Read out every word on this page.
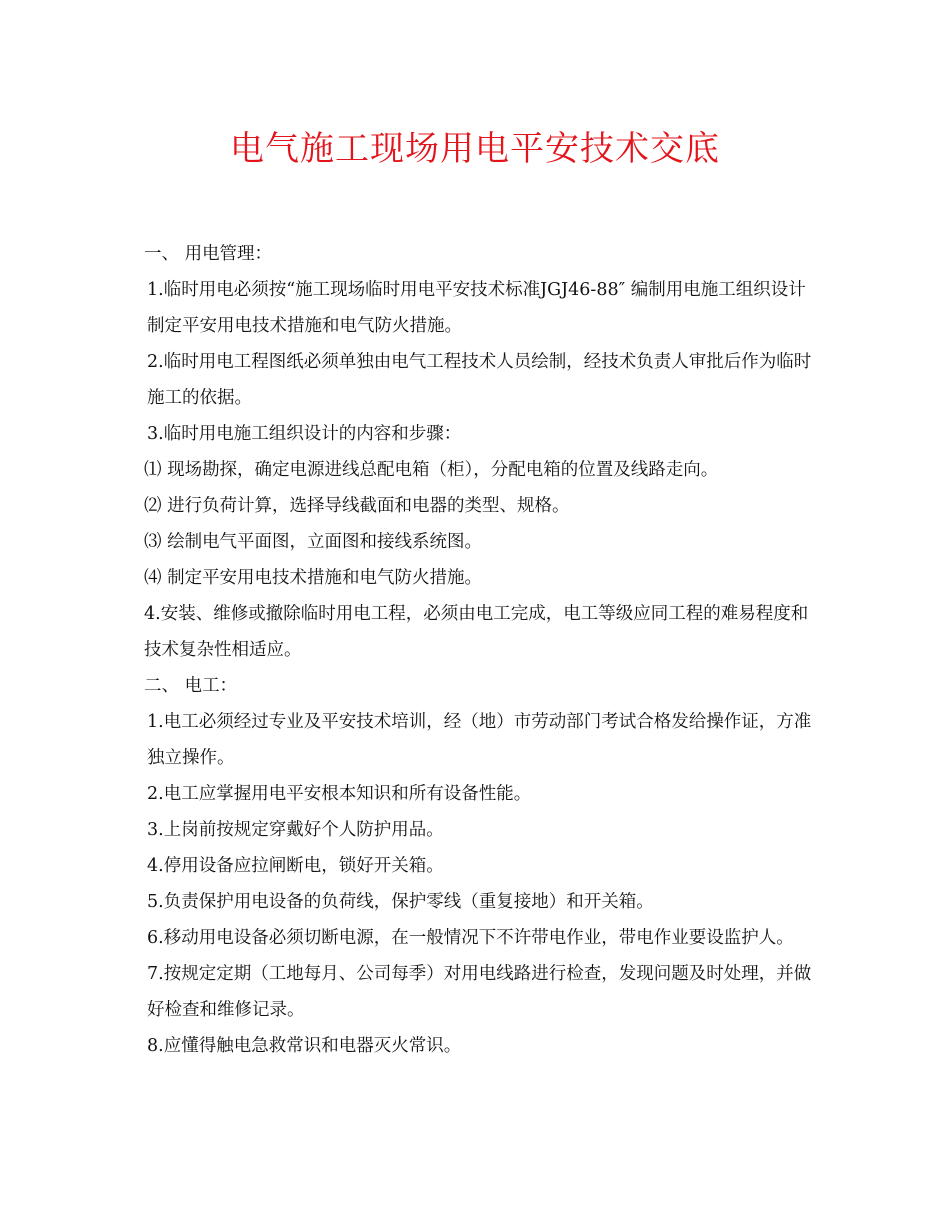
电气施工现场用电平安技术交底

一、 用电管理：

1.临时用电必须按“施工现场临时用电平安技术标准JGJ46-88″ 编制用电施工组织设计制定平安用电技术措施和电气防火措施。

2.临时用电工程图纸必须单独由电气工程技术人员绘制，经技术负责人审批后作为临时施工的依据。

3.临时用电施工组织设计的内容和步骤：

⑴ 现场勘探，确定电源进线总配电箱（柜），分配电箱的位置及线路走向。

⑵ 进行负荷计算，选择导线截面和电器的类型、规格。

⑶ 绘制电气平面图，立面图和接线系统图。

⑷ 制定平安用电技术措施和电气防火措施。

4.安装、维修或撤除临时用电工程，必须由电工完成，电工等级应同工程的难易程度和技术复杂性相适应。

二、 电工：

1.电工必须经过专业及平安技术培训，经（地）市劳动部门考试合格发给操作证，方准独立操作。

2.电工应掌握用电平安根本知识和所有设备性能。

3.上岗前按规定穿戴好个人防护用品。

4.停用设备应拉闸断电，锁好开关箱。

5.负责保护用电设备的负荷线，保护零线（重复接地）和开关箱。

6.移动用电设备必须切断电源，在一般情况下不许带电作业，带电作业要设监护人。

7.按规定定期（工地每月、公司每季）对用电线路进行检查，发现问题及时处理，并做好检查和维修记录。

8.应懂得触电急救常识和电器灭火常识。
